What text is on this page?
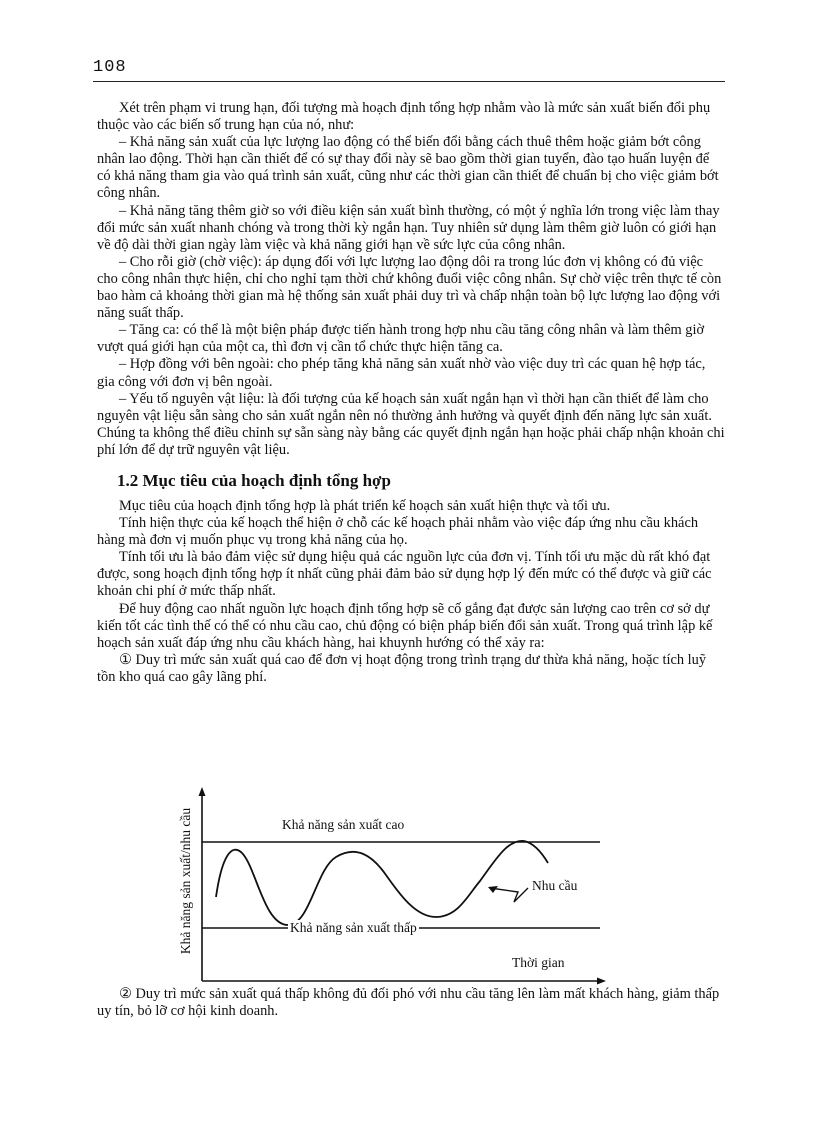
108

Xét trên phạm vi trung hạn, đối tượng mà hoạch định tổng hợp nhằm vào là mức sản xuất biến đổi phụ thuộc vào các biến số trung hạn của nó, như:

– Khả năng sản xuất của lực lượng lao động có thể biến đổi bằng cách thuê thêm hoặc giảm bớt công nhân lao động. Thời hạn cần thiết để có sự thay đổi này sẽ bao gồm thời gian tuyển, đào tạo huấn luyện để có khả năng tham gia vào quá trình sản xuất, cũng như các thời gian cần thiết để chuẩn bị cho việc giảm bớt công nhân.

– Khả năng tăng thêm giờ so với điều kiện sản xuất bình thường, có một ý nghĩa lớn trong việc làm thay đổi mức sản xuất nhanh chóng và trong thời kỳ ngắn hạn. Tuy nhiên sử dụng làm thêm giờ luôn có giới hạn về độ dài thời gian ngày làm việc và khả năng giới hạn về sức lực của công nhân.

– Cho rỗi giờ (chờ việc): áp dụng đối với lực lượng lao động dôi ra trong lúc đơn vị không có đủ việc cho công nhân thực hiện, chỉ cho nghỉ tạm thời chứ không đuổi việc công nhân. Sự chờ việc trên thực tế còn bao hàm cả khoảng thời gian mà hệ thống sản xuất phải duy trì và chấp nhận toàn bộ lực lượng lao động với năng suất thấp.

– Tăng ca: có thể là một biện pháp được tiến hành trong hợp nhu cầu tăng công nhân và làm thêm giờ vượt quá giới hạn của một ca, thì đơn vị cần tổ chức thực hiện tăng ca.

– Hợp đồng với bên ngoài: cho phép tăng khả năng sản xuất nhờ vào việc duy trì các quan hệ hợp tác, gia công với đơn vị bên ngoài.

– Yếu tố nguyên vật liệu: là đối tượng của kế hoạch sản xuất ngắn hạn vì thời hạn cần thiết để làm cho nguyên vật liệu sẵn sàng cho sản xuất ngắn nên nó thường ảnh hưởng và quyết định đến năng lực sản xuất. Chúng ta không thể điều chỉnh sự sẵn sàng này bằng các quyết định ngắn hạn hoặc phải chấp nhận khoản chi phí lớn để dự trữ nguyên vật liệu.

1.2 Mục tiêu của hoạch định tổng hợp

Mục tiêu của hoạch định tổng hợp là phát triển kế hoạch sản xuất hiện thực và tối ưu.

Tính hiện thực của kế hoạch thể hiện ở chỗ các kế hoạch phải nhằm vào việc đáp ứng nhu cầu khách hàng mà đơn vị muốn phục vụ trong khả năng của họ.

Tính tối ưu là bảo đảm việc sử dụng hiệu quả các nguồn lực của đơn vị. Tính tối ưu mặc dù rất khó đạt được, song hoạch định tổng hợp ít nhất cũng phải đảm bảo sử dụng hợp lý đến mức có thể được và giữ các khoản chi phí ở mức thấp nhất.

Để huy động cao nhất nguồn lực hoạch định tổng hợp sẽ cố gắng đạt được sản lượng cao trên cơ sở dự kiến tốt các tình thế có thể có nhu cầu cao, chủ động có biện pháp biến đổi sản xuất. Trong quá trình lập kế hoạch sản xuất đáp ứng nhu cầu khách hàng, hai khuynh hướng có thể xảy ra:

① Duy trì mức sản xuất quá cao để đơn vị hoạt động trong trình trạng dư thừa khả năng, hoặc tích luỹ tồn kho quá cao gây lãng phí.

Khả năng sản xuất/nhu cầu	Khả năng sản xuất cao
Khả năng sản xuất thấp
Nhu cầu
Thời gian

② Duy trì mức sản xuất quá thấp không đủ đối phó với nhu cầu tăng lên làm mất khách hàng, giảm thấp uy tín, bỏ lỡ cơ hội kinh doanh.
